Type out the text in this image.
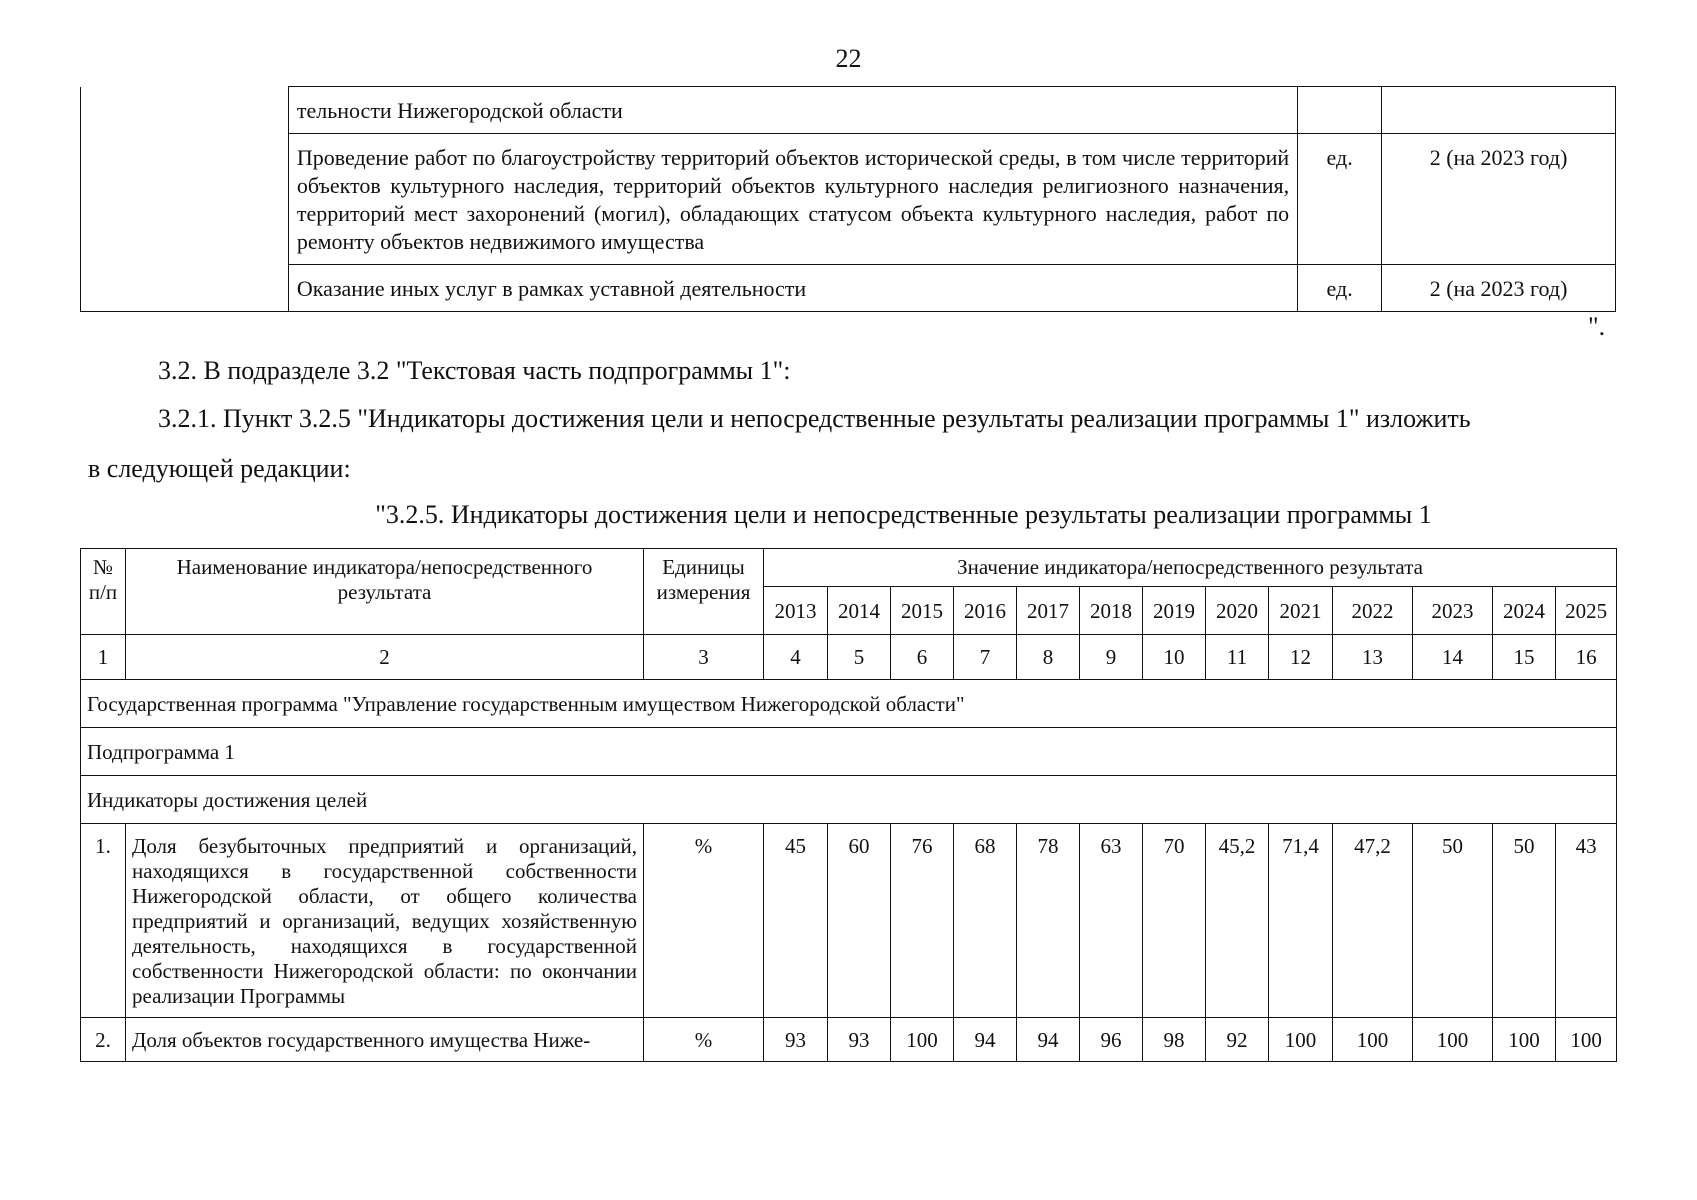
22
	тельности Нижегородской области		
	Проведение работ по благоустройству территорий объектов исторической среды, в том числе территорий объектов культурного наследия, территорий объектов культурного наследия религиозного назначения, территорий мест захоронений (могил), обладающих статусом объекта культурного наследия, работ по ремонту объектов недвижимого имущества	ед.	2 (на 2023 год)
	Оказание иных услуг в рамках уставной деятельности	ед.	2 (на 2023 год)
".
3.2. В подразделе 3.2 "Текстовая часть подпрограммы 1":
3.2.1. Пункт 3.2.5 "Индикаторы достижения цели и непосредственные результаты реализации программы 1" изложить
в следующей редакции:
"3.2.5. Индикаторы достижения цели и непосредственные результаты реализации программы 1
№ п/п	Наименование индикатора/непосредственного результата	Единицы измерения	Значение индикатора/непосредственного результата												
			2013	2014	2015	2016	2017	2018	2019	2020	2021	2022	2023	2024	2025
1	2	3	4	5	6	7	8	9	10	11	12	13	14	15	16
Государственная программа "Управление государственным имуществом Нижегородской области"															
Подпрограмма 1															
Индикаторы достижения целей															
1.	Доля безубыточных предприятий и организаций, находящихся в государственной собственности Нижегородской области, от общего количества предприятий и организаций, ведущих хозяйственную деятельность, находящихся в государственной собственности Нижегородской области: по окончании реализации Программы	%	45	60	76	68	78	63	70	45,2	71,4	47,2	50	50	43
2.	Доля объектов государственного имущества Ниже-	%	93	93	100	94	94	96	98	92	100	100	100	100	100
